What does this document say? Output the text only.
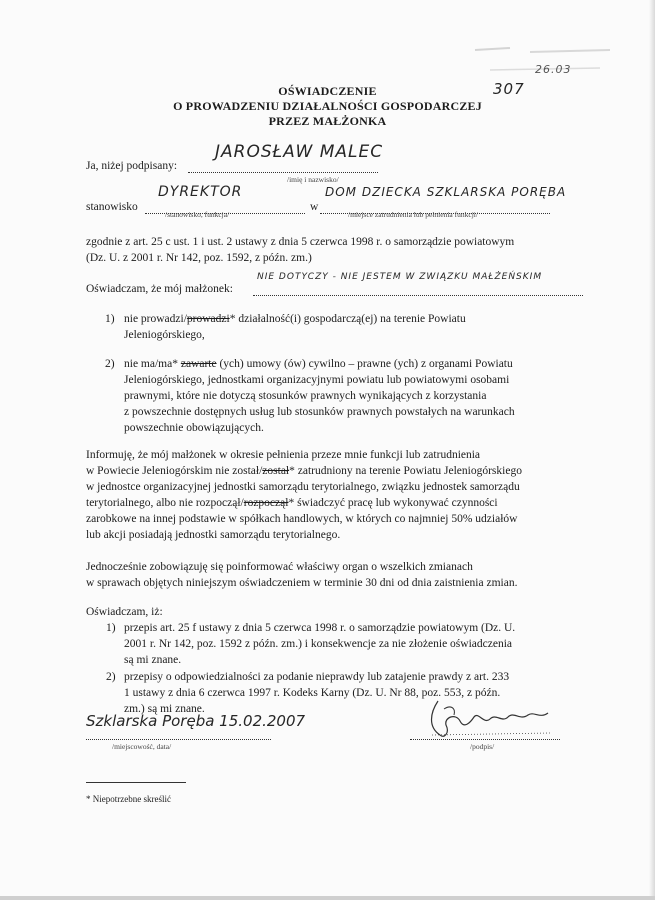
26.03
307
OŚWIADCZENIE
O PROWADZENIU DZIAŁALNOŚCI GOSPODARCZEJ
PRZEZ MAŁŻONKA
Ja, niżej podpisany:
JAROSŁAW MALEC
/imię i nazwisko/
stanowisko
DYREKTOR
w
DOM DZIECKA SZKLARSKA PORĘBA
/stanowisko, funkcja/	/miejsce zatrudnienia lub pełnienia funkcji/
zgodnie z art. 25 c ust. 1 i ust. 2 ustawy z dnia 5 czerwca 1998 r. o samorządzie powiatowym
(Dz. U. z 2001 r. Nr 142, poz. 1592, z późn. zm.)
Oświadczam, że mój małżonek:
NIE DOTYCZY - NIE JESTEM W ZWIĄZKU MAŁŻEŃSKIM
1) nie prowadzi/prowadzi* działalność(i) gospodarczą(ej) na terenie Powiatu
Jeleniogórskiego,
2) nie ma/ma* zawarte (ych) umowy (ów) cywilno – prawne (ych) z organami Powiatu
Jeleniogórskiego, jednostkami organizacyjnymi powiatu lub powiatowymi osobami
prawnymi, które nie dotyczą stosunków prawnych wynikających z korzystania
z powszechnie dostępnych usług lub stosunków prawnych powstałych na warunkach
powszechnie obowiązujących.
Informuję, że mój małżonek w okresie pełnienia przeze mnie funkcji lub zatrudnienia
w Powiecie Jeleniogórskim nie został/został* zatrudniony na terenie Powiatu Jeleniogórskiego
w jednostce organizacyjnej jednostki samorządu terytorialnego, związku jednostek samorządu
terytorialnego, albo nie rozpoczął/rozpoczął* świadczyć pracę lub wykonywać czynności
zarobkowe na innej podstawie w spółkach handlowych, w których co najmniej 50% udziałów
lub akcji posiadają jednostki samorządu terytorialnego.
Jednocześnie zobowiązuję się poinformować właściwy organ o wszelkich zmianach
w sprawach objętych niniejszym oświadczeniem w terminie 30 dni od dnia zaistnienia zmian.
Oświadczam, iż:
1) przepis art. 25 f ustawy z dnia 5 czerwca 1998 r. o samorządzie powiatowym (Dz. U.
2001 r. Nr 142, poz. 1592 z późn. zm.) i konsekwencje za nie złożenie oświadczenia
są mi znane.
2) przepisy o odpowiedzialności za podanie nieprawdy lub zatajenie prawdy z art. 233
1 ustawy z dnia 6 czerwca 1997 r. Kodeks Karny (Dz. U. Nr 88, poz. 553, z późn.
zm.) są mi znane.
Szklarska Poręba 15.02.2007
/miejscowość, data/	/podpis/
* Niepotrzebne skreślić
